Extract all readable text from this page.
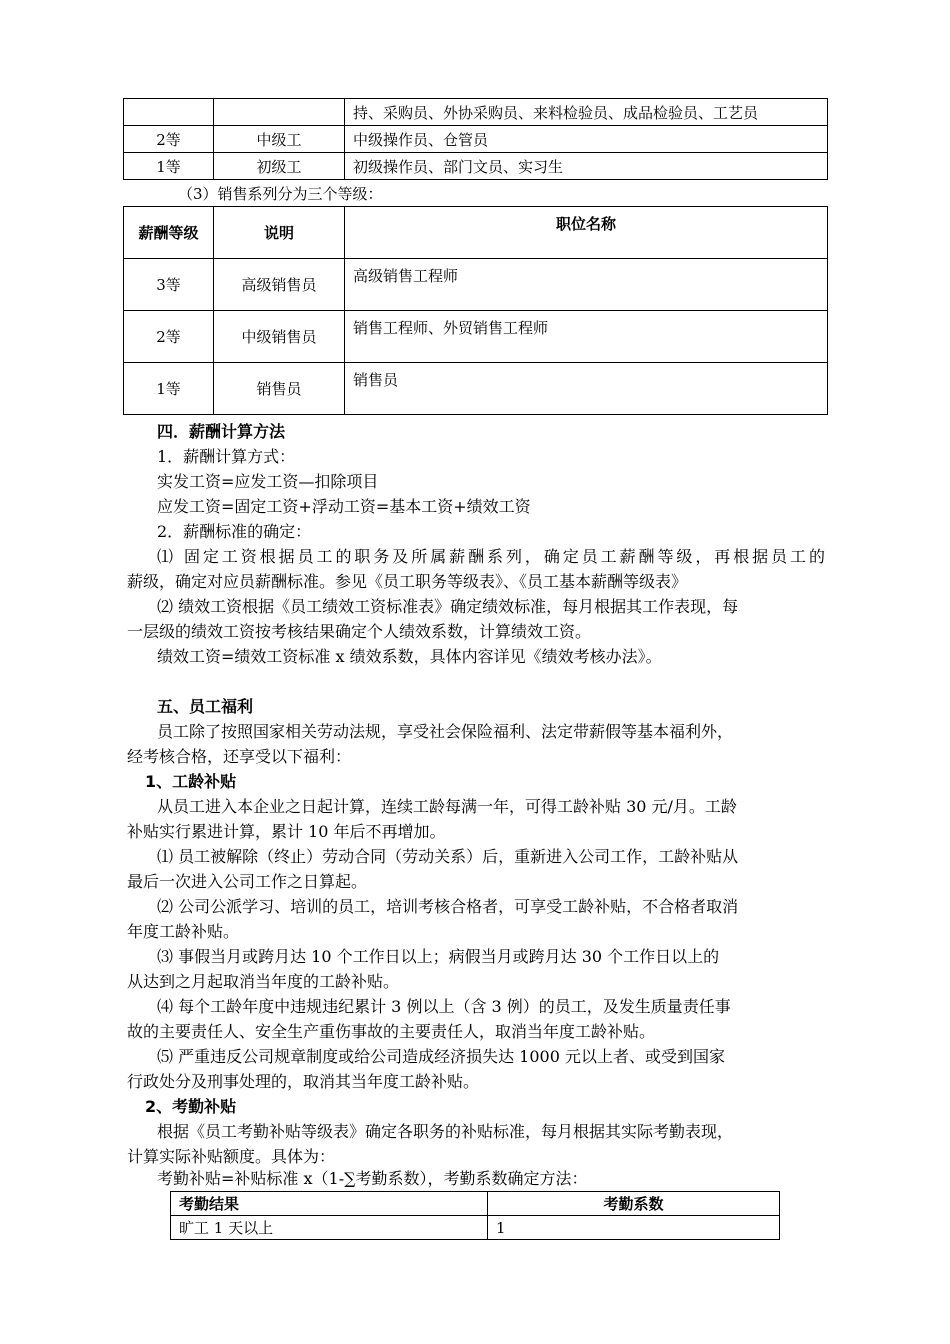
		持、采购员、外协采购员、来料检验员、成品检验员、工艺员
2等	中级工	中级操作员、仓管员
1等	初级工	初级操作员、部门文员、实习生
（3）销售系列分为三个等级：
薪酬等级	说明	职位名称
3等	高级销售员	高级销售工程师
2等	中级销售员	销售工程师、外贸销售工程师
1等	销售员	销售员
四．薪酬计算方法
1．薪酬计算方式：
实发工资=应发工资—扣除项目
应发工资=固定工资+浮动工资=基本工资+绩效工资
2．薪酬标准的确定：
⑴ 固定工资根据员工的职务及所属薪酬系列，确定员工薪酬等级，再根据员工的
薪级，确定对应员薪酬标准。参见《员工职务等级表》、《员工基本薪酬等级表》
⑵ 绩效工资根据《员工绩效工资标准表》确定绩效标准，每月根据其工作表现，每
一层级的绩效工资按考核结果确定个人绩效系数，计算绩效工资。
绩效工资=绩效工资标准 x 绩效系数，具体内容详见《绩效考核办法》。
五、员工福利
员工除了按照国家相关劳动法规，享受社会保险福利、法定带薪假等基本福利外，
经考核合格，还享受以下福利：
1、工龄补贴
从员工进入本企业之日起计算，连续工龄每满一年，可得工龄补贴 30 元/月。工龄
补贴实行累进计算，累计 10 年后不再增加。
⑴ 员工被解除（终止）劳动合同（劳动关系）后，重新进入公司工作，工龄补贴从
最后一次进入公司工作之日算起。
⑵ 公司公派学习、培训的员工，培训考核合格者，可享受工龄补贴，不合格者取消
年度工龄补贴。
⑶ 事假当月或跨月达 10 个工作日以上；病假当月或跨月达 30 个工作日以上的
从达到之月起取消当年度的工龄补贴。
⑷ 每个工龄年度中违规违纪累计 3 例以上（含 3 例）的员工，及发生质量责任事
故的主要责任人、安全生产重伤事故的主要责任人，取消当年度工龄补贴。
⑸ 严重违反公司规章制度或给公司造成经济损失达 1000 元以上者、或受到国家
行政处分及刑事处理的，取消其当年度工龄补贴。
2、考勤补贴
根据《员工考勤补贴等级表》确定各职务的补贴标准，每月根据其实际考勤表现，
计算实际补贴额度。具体为：
考勤补贴=补贴标准 x（1-∑考勤系数），考勤系数确定方法：
考勤结果	考勤系数
旷工 1 天以上	1
